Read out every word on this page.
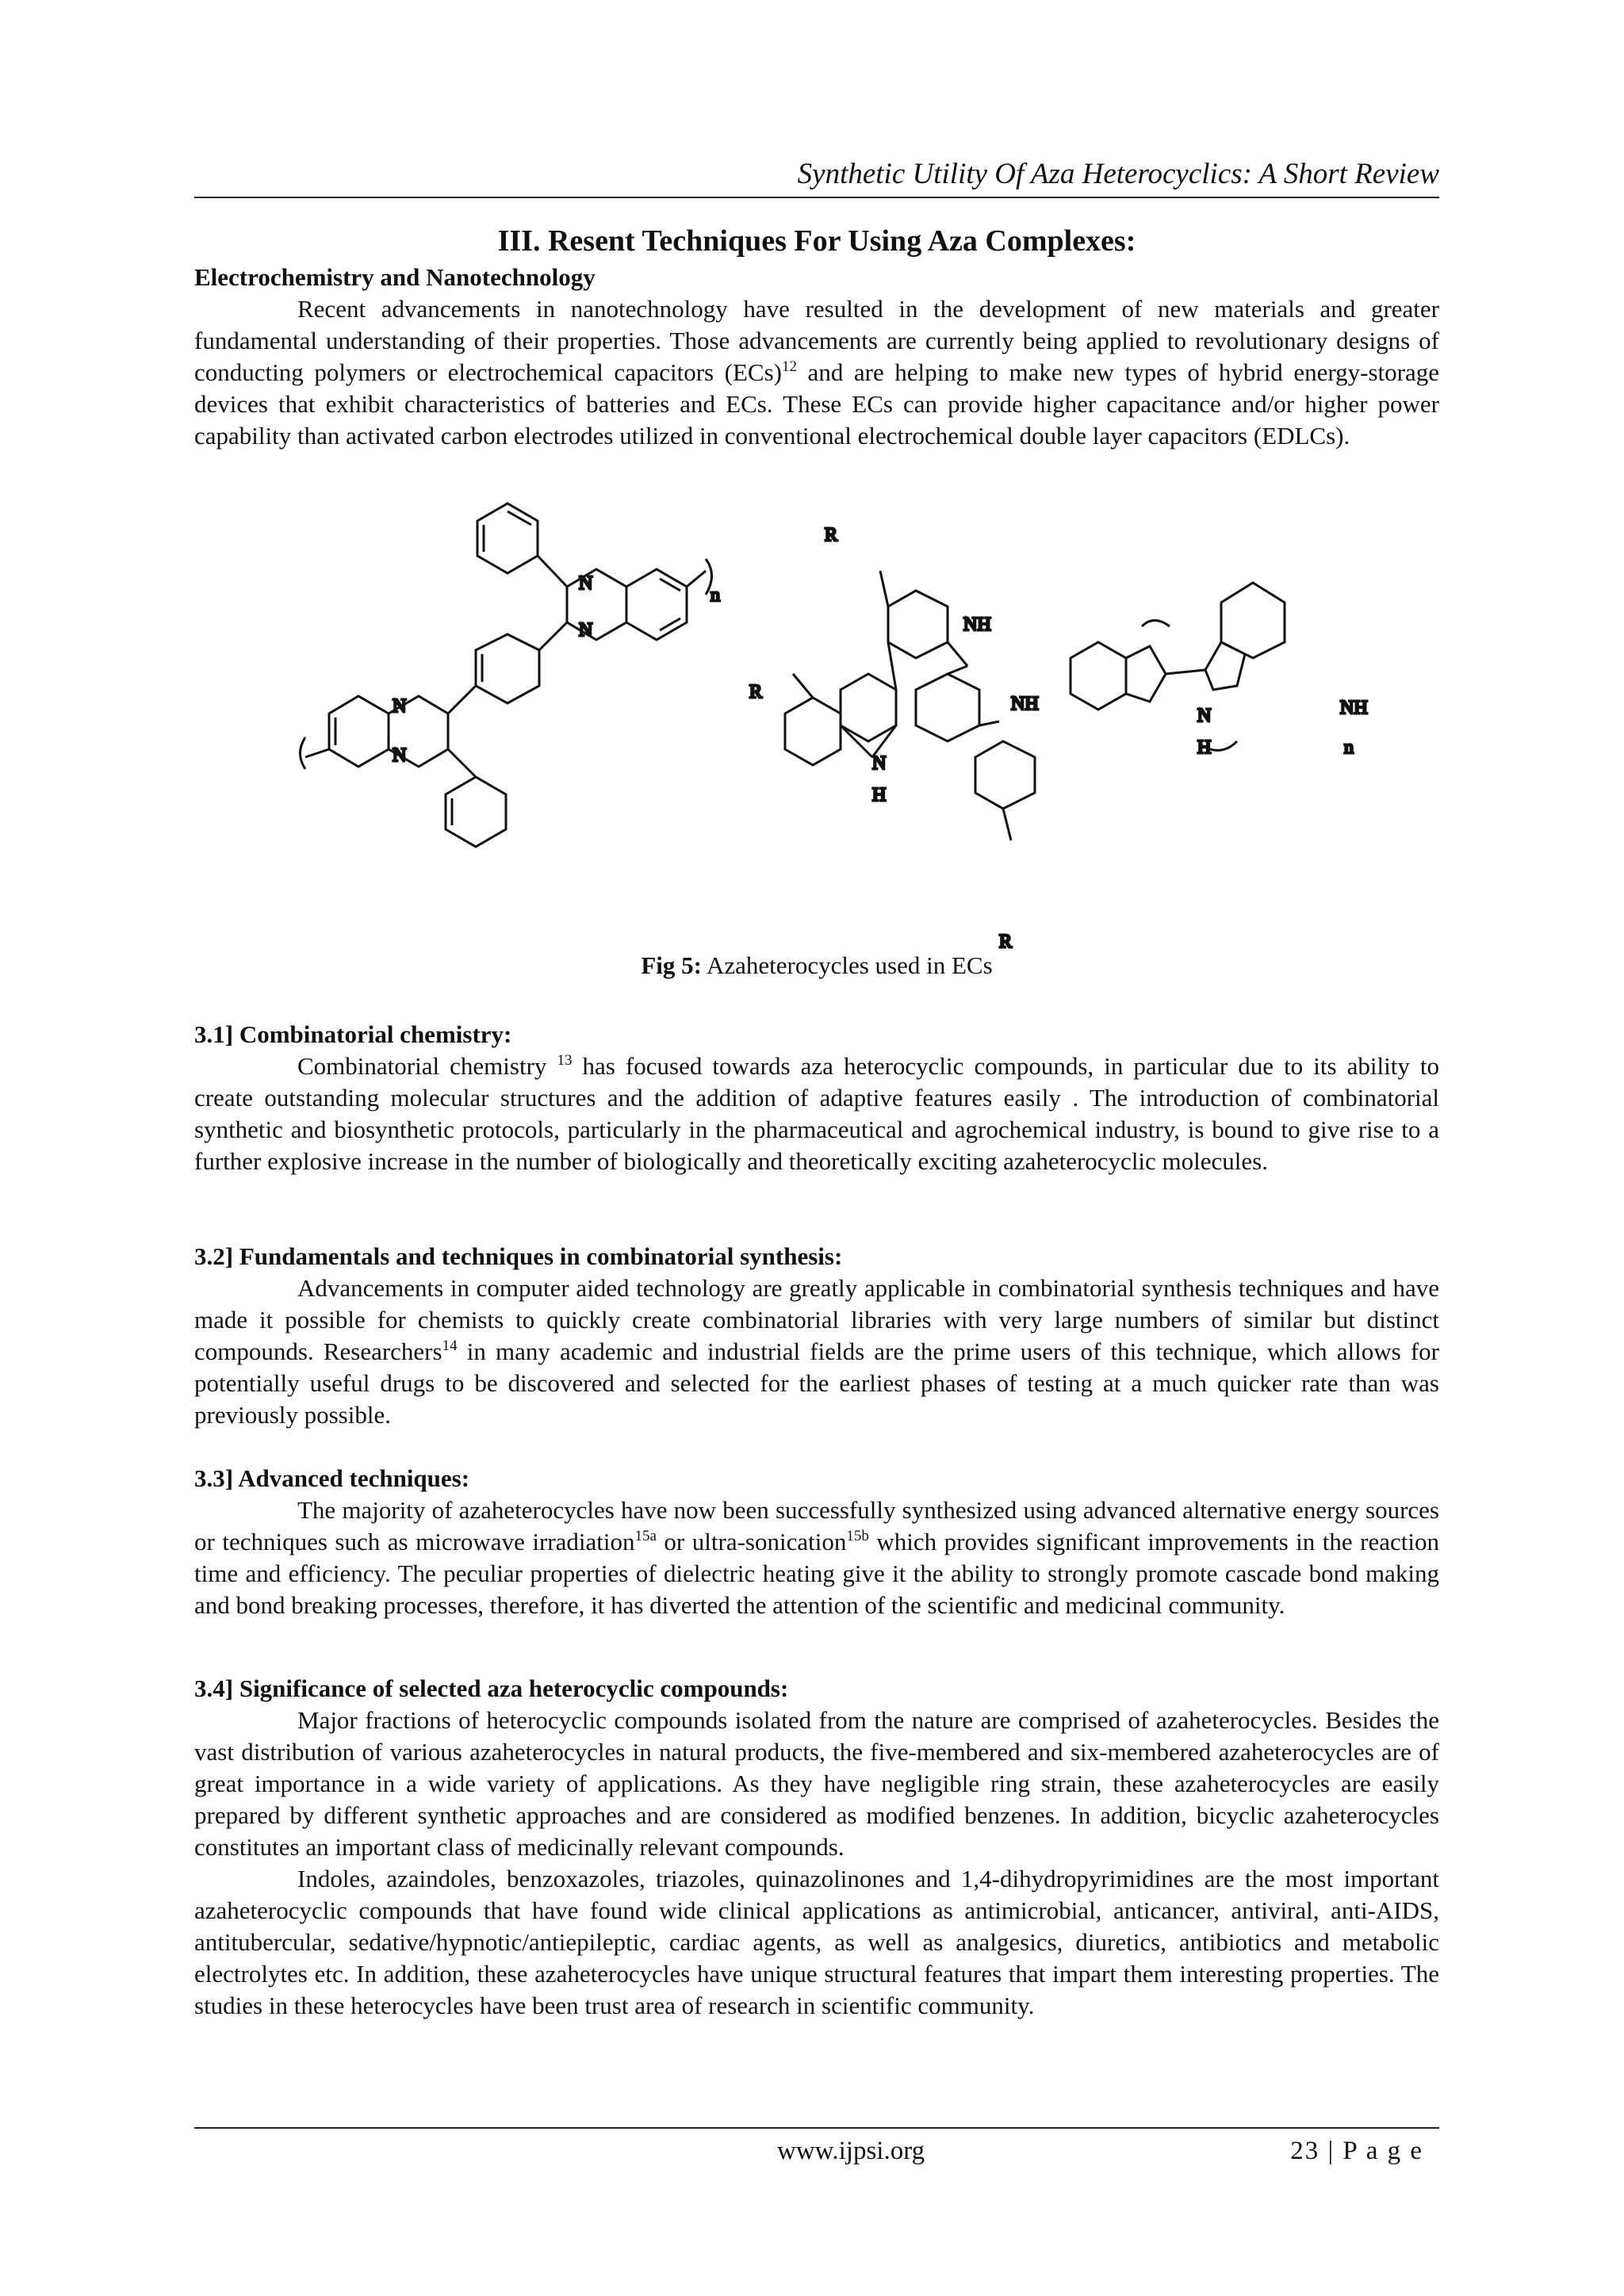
Synthetic Utility Of Aza Heterocyclics: A Short Review
III. Resent Techniques For Using Aza Complexes:
Electrochemistry and Nanotechnology

Recent advancements in nanotechnology have resulted in the development of new materials and greater fundamental understanding of their properties. Those advancements are currently being applied to revolutionary designs of conducting polymers or electrochemical capacitors (ECs)$^{12}$ and are helping to make new types of hybrid energy-storage devices that exhibit characteristics of batteries and ECs. These ECs can provide higher capacitance and/or higher power capability than activated carbon electrodes utilized in conventional electrochemical double layer capacitors (EDLCs).

N
N
N
N
n
R
R
R
NH
NH
N
H
N
H
NH
n
Fig 5: Azaheterocycles used in ECs
3.1] Combinatorial chemistry:

Combinatorial chemistry $^{13}$ has focused towards aza heterocyclic compounds, in particular due to its ability to create outstanding molecular structures and the addition of adaptive features easily . The introduction of combinatorial synthetic and biosynthetic protocols, particularly in the pharmaceutical and agrochemical industry, is bound to give rise to a further explosive increase in the number of biologically and theoretically exciting azaheterocyclic molecules.

3.2] Fundamentals and techniques in combinatorial synthesis:

Advancements in computer aided technology are greatly applicable in combinatorial synthesis techniques and have made it possible for chemists to quickly create combinatorial libraries with very large numbers of similar but distinct compounds. Researchers$^{14}$ in many academic and industrial fields are the prime users of this technique, which allows for potentially useful drugs to be discovered and selected for the earliest phases of testing at a much quicker rate than was previously possible.

3.3] Advanced techniques:

The majority of azaheterocycles have now been successfully synthesized using advanced alternative energy sources or techniques such as microwave irradiation$^{15a}$ or ultra-sonication$^{15b}$ which provides significant improvements in the reaction time and efficiency. The peculiar properties of dielectric heating give it the ability to strongly promote cascade bond making and bond breaking processes, therefore, it has diverted the attention of the scientific and medicinal community.

3.4] Significance of selected aza heterocyclic compounds:

Major fractions of heterocyclic compounds isolated from the nature are comprised of azaheterocycles. Besides the vast distribution of various azaheterocycles in natural products, the five-membered and six-membered azaheterocycles are of great importance in a wide variety of applications. As they have negligible ring strain, these azaheterocycles are easily prepared by different synthetic approaches and are considered as modified benzenes. In addition, bicyclic azaheterocycles constitutes an important class of medicinally relevant compounds.

Indoles, azaindoles, benzoxazoles, triazoles, quinazolinones and 1,4-dihydropyrimidines are the most important azaheterocyclic compounds that have found wide clinical applications as antimicrobial, anticancer, antiviral, anti-AIDS, antitubercular, sedative/hypnotic/antiepileptic, cardiac agents, as well as analgesics, diuretics, antibiotics and metabolic electrolytes etc. In addition, these azaheterocycles have unique structural features that impart them interesting properties. The studies in these heterocycles have been trust area of research in scientific community.

www.ijpsi.org	23 | P a g e
